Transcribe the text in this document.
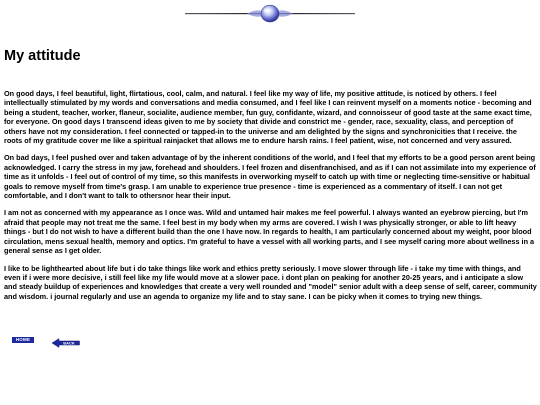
My attitude

On good days, I feel beautiful, light, flirtatious, cool, calm, and natural. I feel like my way of life, my positive attitude, is noticed by others. I feel intellectually stimulated by my words and conversations and media consumed, and I feel like I can reinvent myself on a moments notice - becoming and being a student, teacher, worker, flaneur, socialite, audience member, fun guy, confidante, wizard, and connoisseur of good taste at the same exact time, for everyone. On good days I transcend ideas given to me by society that divide and constrict me - gender, race, sexuality, class, and perception of others have not my consideration. I feel connected or tapped-in to the universe and am delighted by the signs and synchronicities that I receive. the roots of my gratitude cover me like a spiritual rainjacket that allows me to endure harsh rains. I feel patient, wise, not concerned and very assured.

On bad days, I feel pushed over and taken advantage of by the inherent conditions of the world, and I feel that my efforts to be a good person arent being acknowledged. I carry the stress in my jaw, forehead and shoulders. I feel frozen and disenfranchised, and as if I can not assimilate into my experience of time as it unfolds - I feel out of control of my time, so this manifests in overworking myself to catch up with time or neglecting time-sensitive or habitual goals to remove myself from time's grasp. I am unable to experience true presence - time is experienced as a commentary of itself. I can not get comfortable, and I don't want to talk to othersnor hear their input.

I am not as concerned with my appearance as I once was. Wild and untamed hair makes me feel powerful. I always wanted an eyebrow piercing, but I'm afraid that people may not treat me the same. I feel best in my body when my arms are covered. I wish I was physically stronger, or able to lift heavy things - but I do not wish to have a different build than the one I have now. In regards to health, I am particularly concerned about my weight, poor blood circulation, mens sexual health, memory and optics. I'm grateful to have a vessel with all working parts, and I see myself caring more about wellness in a general sense as I get older.

I like to be lighthearted about life but i do take things like work and ethics pretty seriously. I move slower through life - i take my time with things, and even if i were more decisive, i still feel like my life would move at a slower pace. i dont plan on peaking for another 20-25 years, and i anticipate a slow and steady buildup of experiences and knowledges that create a very well rounded and "model" senior adult with a deep sense of self, career, community and wisdom. i journal regularly and use an agenda to organize my life and to stay sane. I can be picky when it comes to trying new things.

HOME
BACK
